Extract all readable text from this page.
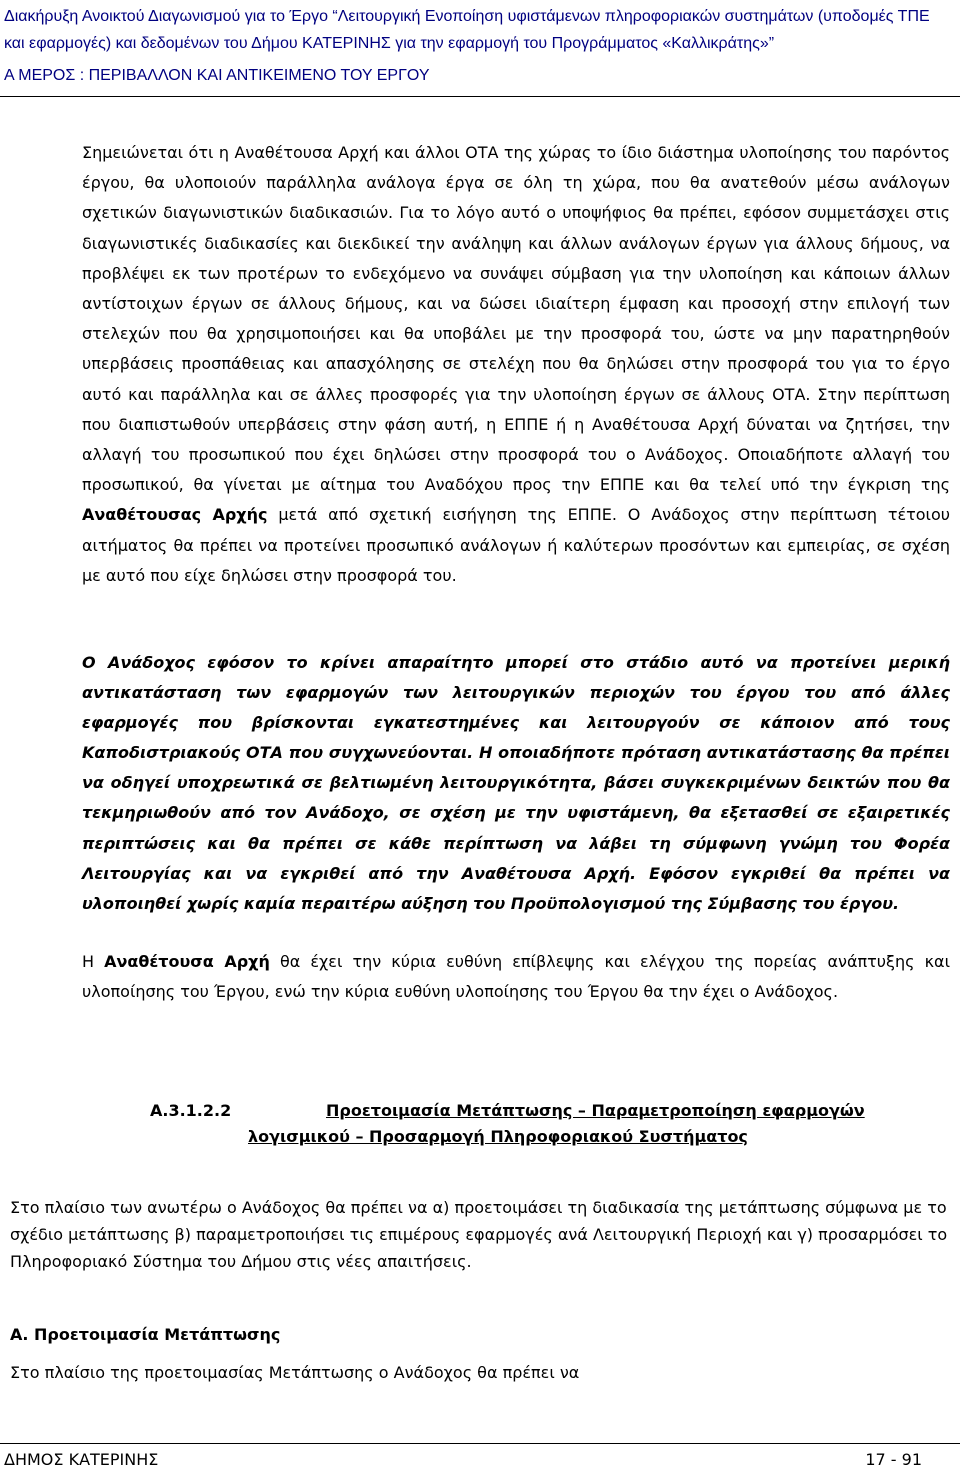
Διακήρυξη Ανοικτού Διαγωνισμού για το Έργο “Λειτουργική Ενοποίηση υφιστάμενων πληροφοριακών συστημάτων (υποδομές ΤΠΕ και εφαρμογές) και δεδομένων του Δήμου ΚΑΤΕΡΙΝΗΣ για την εφαρμογή του Προγράμματος «Καλλικράτης»”
Α ΜΕΡΟΣ : ΠΕΡΙΒΑΛΛΟΝ ΚΑΙ ΑΝΤΙΚΕΙΜΕΝΟ ΤΟΥ ΕΡΓΟΥ

Σημειώνεται ότι η Αναθέτουσα Αρχή και άλλοι ΟΤΑ της χώρας το ίδιο διάστημα υλοποίησης του παρόντος έργου, θα υλοποιούν παράλληλα ανάλογα έργα σε όλη τη χώρα, που θα ανατεθούν μέσω ανάλογων σχετικών διαγωνιστικών διαδικασιών. Για το λόγο αυτό ο υποψήφιος θα πρέπει, εφόσον συμμετάσχει στις διαγωνιστικές διαδικασίες και διεκδικεί την ανάληψη και άλλων ανάλογων έργων για άλλους δήμους, να προβλέψει εκ των προτέρων το ενδεχόμενο να συνάψει σύμβαση για την υλοποίηση και κάποιων άλλων αντίστοιχων έργων σε άλλους δήμους, και να δώσει ιδιαίτερη έμφαση και προσοχή στην επιλογή των στελεχών που θα χρησιμοποιήσει και θα υποβάλει με την προσφορά του, ώστε να μην παρατηρηθούν υπερβάσεις προσπάθειας και απασχόλησης σε στελέχη που θα δηλώσει στην προσφορά του για το έργο αυτό και παράλληλα και σε άλλες προσφορές για την υλοποίηση έργων σε άλλους ΟΤΑ. Στην περίπτωση που διαπιστωθούν υπερβάσεις στην φάση αυτή, η ΕΠΠΕ ή η Αναθέτουσα Αρχή δύναται να ζητήσει, την αλλαγή του προσωπικού που έχει δηλώσει στην προσφορά του ο Ανάδοχος. Οποιαδήποτε αλλαγή του προσωπικού, θα γίνεται με αίτημα του Αναδόχου προς την ΕΠΠΕ και θα τελεί υπό την έγκριση της Αναθέτουσας Αρχής μετά από σχετική εισήγηση της ΕΠΠΕ. Ο Ανάδοχος στην περίπτωση τέτοιου αιτήματος θα πρέπει να προτείνει προσωπικό ανάλογων ή καλύτερων προσόντων και εμπειρίας, σε σχέση με αυτό που είχε δηλώσει στην προσφορά του.

Ο Ανάδοχος εφόσον το κρίνει απαραίτητο μπορεί στο στάδιο αυτό να προτείνει μερική αντικατάσταση των εφαρμογών των λειτουργικών περιοχών του έργου του από άλλες εφαρμογές που βρίσκονται εγκατεστημένες και λειτουργούν σε κάποιον από τους Καποδιστριακούς ΟΤΑ που συγχωνεύονται. Η οποιαδήποτε πρόταση αντικατάστασης θα πρέπει να οδηγεί υποχρεωτικά σε βελτιωμένη λειτουργικότητα, βάσει συγκεκριμένων δεικτών που θα τεκμηριωθούν από τον Ανάδοχο, σε σχέση με την υφιστάμενη, θα εξετασθεί σε εξαιρετικές περιπτώσεις και θα πρέπει σε κάθε περίπτωση να λάβει τη σύμφωνη γνώμη του Φορέα Λειτουργίας και να εγκριθεί από την Αναθέτουσα Αρχή. Εφόσον εγκριθεί θα πρέπει να υλοποιηθεί χωρίς καμία περαιτέρω αύξηση του Προϋπολογισμού της Σύμβασης του έργου.

Η Αναθέτουσα Αρχή θα έχει την κύρια ευθύνη επίβλεψης και ελέγχου της πορείας ανάπτυξης και υλοποίησης του Έργου, ενώ την κύρια ευθύνη υλοποίησης του Έργου θα την έχει ο Ανάδοχος.

Α.3.1.2.2	Προετοιμασία Μετάπτωσης – Παραμετροποίηση εφαρμογών λογισμικού – Προσαρμογή Πληροφοριακού Συστήματος

Στο πλαίσιο των ανωτέρω ο Ανάδοχος θα πρέπει να α) προετοιμάσει τη διαδικασία της μετάπτωσης σύμφωνα με το σχέδιο μετάπτωσης β) παραμετροποιήσει τις επιμέρους εφαρμογές ανά Λειτουργική Περιοχή και γ) προσαρμόσει το Πληροφοριακό Σύστημα του Δήμου στις νέες απαιτήσεις.

Α. Προετοιμασία Μετάπτωσης

Στο πλαίσιο της προετοιμασίας Μετάπτωσης ο Ανάδοχος θα πρέπει να

ΔΗΜΟΣ ΚΑΤΕΡΙΝΗΣ	17 - 91
